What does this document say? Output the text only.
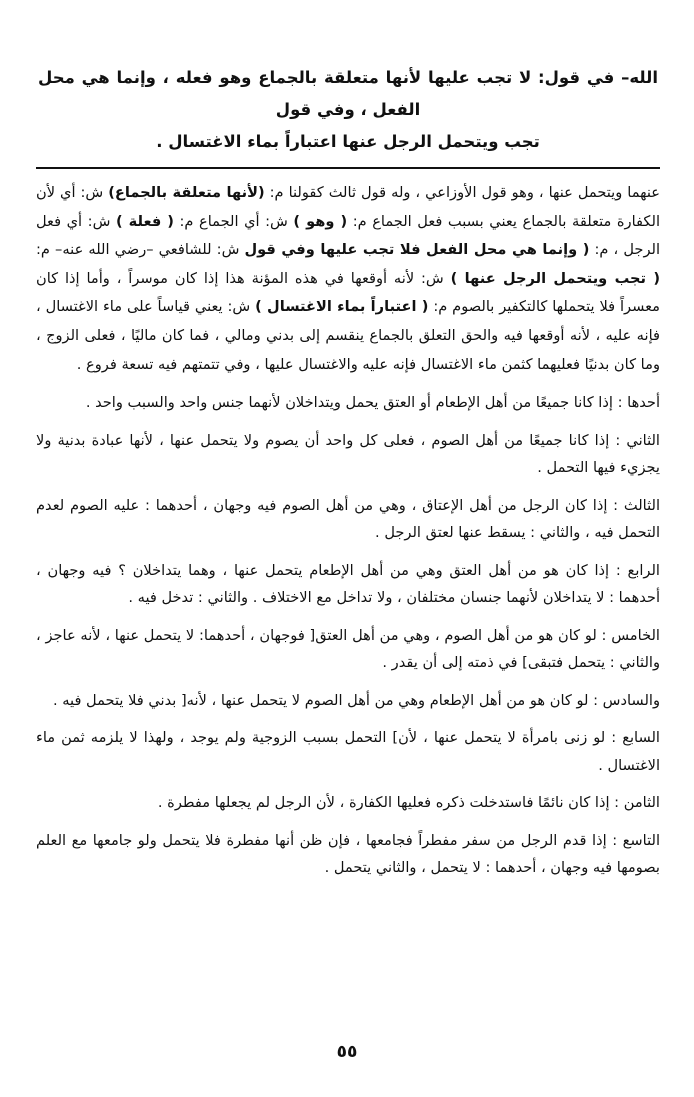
الله– في قول: لا تجب عليها لأنها متعلقة بالجماع وهو فعله ، وإنما هي محل الفعل ، وفي قول
تجب ويتحمل الرجل عنها اعتباراً بماء الاغتسال .

عنهما ويتحمل عنها ، وهو قول الأوزاعي ، وله قول ثالث كقولنا م: (لأنها متعلقة بالجماع) ش: أي لأن الكفارة متعلقة بالجماع يعني بسبب فعل الجماع م: ( وهو ) ش: أي الجماع م: ( فعلة ) ش: أي فعل الرجل ، م: ( وإنما هي محل الفعل فلا تجب عليها وفي قول ش: للشافعي –رضي الله عنه– م: ( تجب ويتحمل الرجل عنها ) ش: لأنه أوقعها في هذه المؤنة هذا إذا كان موسراً ، وأما إذا كان معسراً فلا يتحملها كالتكفير بالصوم م: ( اعتباراً بماء الاغتسال ) ش: يعني قياساً على ماء الاغتسال ، فإنه عليه ، لأنه أوقعها فيه والحق التعلق بالجماع ينقسم إلى بدني ومالي ، فما كان ماليًا ، فعلى الزوج ، وما كان بدنيًا فعليهما كثمن ماء الاغتسال فإنه عليه والاغتسال عليها ، وفي تتمتهم فيه تسعة فروع .

أحدها : إذا كانا جميعًا من أهل الإطعام أو العتق يحمل ويتداخلان لأنهما جنس واحد والسبب واحد .

الثاني : إذا كانا جميعًا من أهل الصوم ، فعلى كل واحد أن يصوم ولا يتحمل عنها ، لأنها عبادة بدنية ولا يجزيء فيها التحمل .

الثالث : إذا كان الرجل من أهل الإعتاق ، وهي من أهل الصوم فيه وجهان ، أحدهما : عليه الصوم لعدم التحمل فيه ، والثاني : يسقط عنها لعتق الرجل .

الرابع : إذا كان هو من أهل العتق وهي من أهل الإطعام يتحمل عنها ، وهما يتداخلان ؟ فيه وجهان ، أحدهما : لا يتداخلان لأنهما جنسان مختلفان ، ولا تداخل مع الاختلاف . والثاني : تدخل فيه .

الخامس : لو كان هو من أهل الصوم ، وهي من أهل العتق[ فوجهان ، أحدهما: لا يتحمل عنها ، لأنه عاجز ، والثاني : يتحمل فتبقى] في ذمته إلى أن يقدر .

والسادس : لو كان هو من أهل الإطعام وهي من أهل الصوم لا يتحمل عنها ، لأنه[ بدني فلا يتحمل فيه .

السابع : لو زنى بامرأة لا يتحمل عنها ، لأن] التحمل بسبب الزوجية ولم يوجد ، ولهذا لا يلزمه ثمن ماء الاغتسال .

الثامن : إذا كان نائمًا فاستدخلت ذكره فعليها الكفارة ، لأن الرجل لم يجعلها مفطرة .

التاسع : إذا قدم الرجل من سفر مفطراً فجامعها ، فإن ظن أنها مفطرة فلا يتحمل ولو جامعها مع العلم بصومها فيه وجهان ، أحدهما : لا يتحمل ، والثاني يتحمل .

٥٥
